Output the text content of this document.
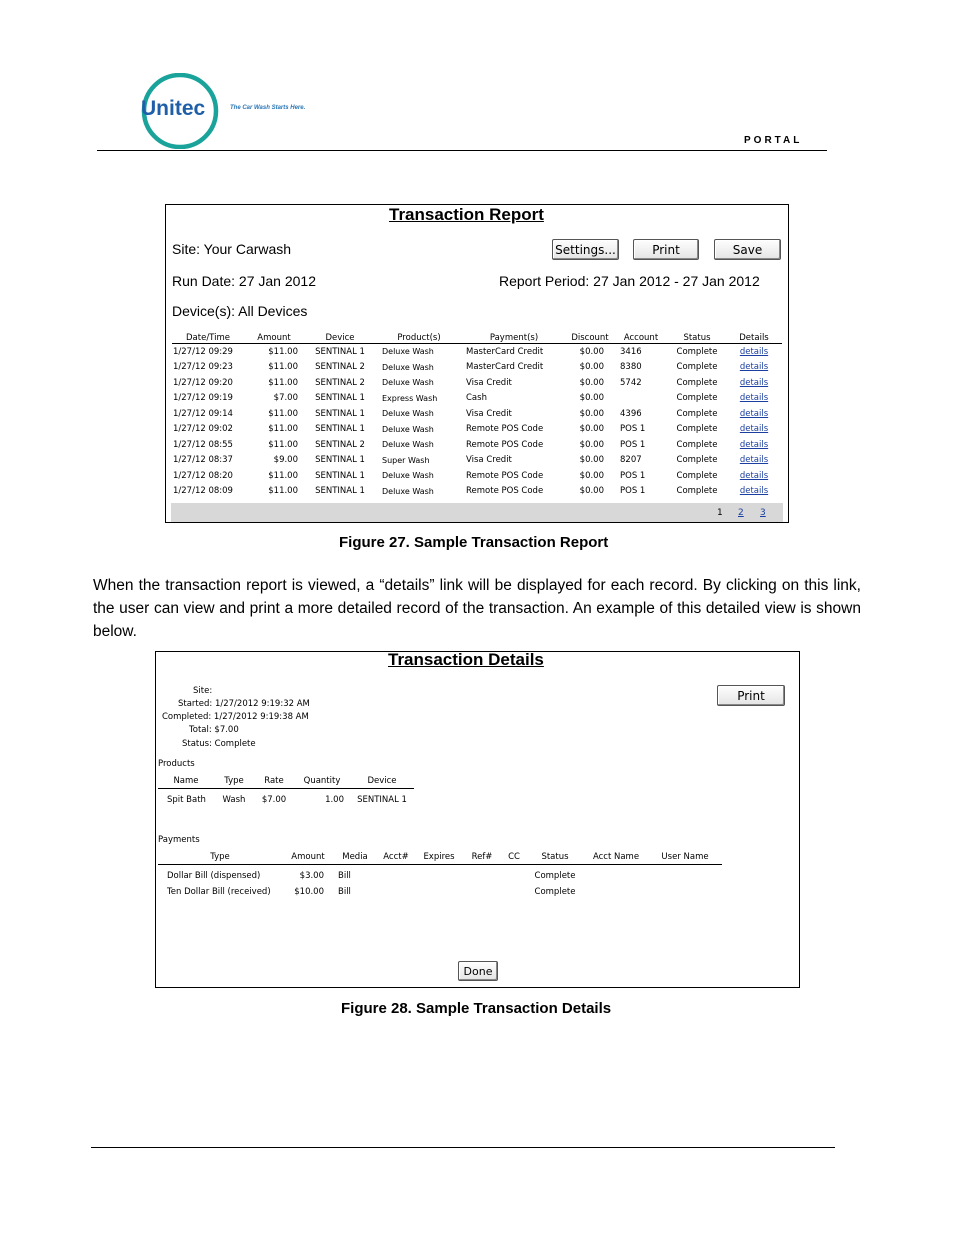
Unitec	The Car Wash Starts Here.
PORTAL
Transaction Report
Site: Your Carwash	Settings...	Print	Save
Run Date: 27 Jan 2012	Report Period: 27 Jan 2012 - 27 Jan 2012
Device(s): All Devices
Date/Time	Amount	Device	Product(s)	Payment(s)	Discount	Account	Status	Details
1/27/12 09:29	$11.00	SENTINAL 1	Deluxe Wash	MasterCard Credit	$0.00	3416	Complete	details
1/27/12 09:23	$11.00	SENTINAL 2	Deluxe Wash	MasterCard Credit	$0.00	8380	Complete	details
1/27/12 09:20	$11.00	SENTINAL 2	Deluxe Wash	Visa Credit	$0.00	5742	Complete	details
1/27/12 09:19	$7.00	SENTINAL 1	Express Wash	Cash	$0.00		Complete	details
1/27/12 09:14	$11.00	SENTINAL 1	Deluxe Wash	Visa Credit	$0.00	4396	Complete	details
1/27/12 09:02	$11.00	SENTINAL 1	Deluxe Wash	Remote POS Code	$0.00	POS 1	Complete	details
1/27/12 08:55	$11.00	SENTINAL 2	Deluxe Wash	Remote POS Code	$0.00	POS 1	Complete	details
1/27/12 08:37	$9.00	SENTINAL 1	Super Wash	Visa Credit	$0.00	8207	Complete	details
1/27/12 08:20	$11.00	SENTINAL 1	Deluxe Wash	Remote POS Code	$0.00	POS 1	Complete	details
1/27/12 08:09	$11.00	SENTINAL 1	Deluxe Wash	Remote POS Code	$0.00	POS 1	Complete	details
1 2 3
Figure 27. Sample Transaction Report
When the transaction report is viewed, a “details” link will be displayed for each record. By clicking on this link, the user can view and print a more detailed record of the transaction. An example of this detailed view is shown below.
Transaction Details
Site:
Started: 1/27/2012 9:19:32 AM
Completed: 1/27/2012 9:19:38 AM
Total: $7.00
Status: Complete
Print
Products
Name	Type	Rate	Quantity	Device
Spit Bath	Wash	$7.00	1.00	SENTINAL 1
Payments
Type	Amount	Media	Acct#	Expires	Ref#	CC	Status	Acct Name	User Name
Dollar Bill (dispensed)	$3.00	Bill					Complete		
Ten Dollar Bill (received)	$10.00	Bill					Complete		
Done
Figure 28. Sample Transaction Details
